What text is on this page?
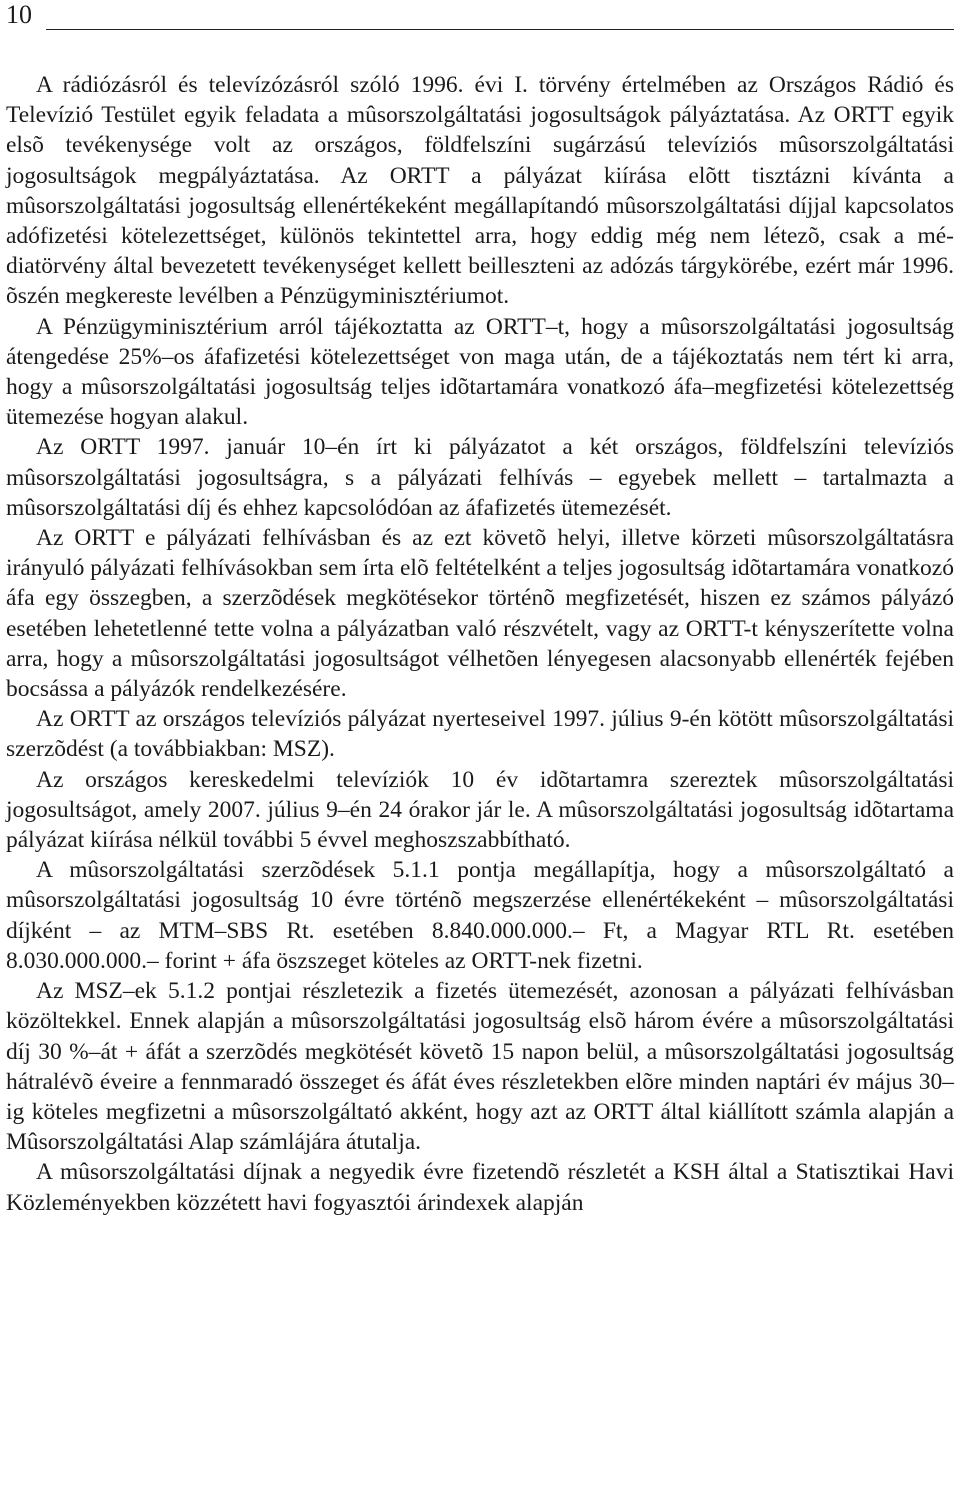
10

A rádiózásról és televízózásról szóló 1996. évi I. törvény értelmében az Országos Rádió és Televízió Testület egyik feladata a mûsorszolgáltatási jogosultságok pályáztatása. Az ORTT egyik elsõ tevékenysége volt az országos, földfelszíni sugárzású televíziós mûsorszolgáltatási jogosultságok megpályáztatása. Az ORTT a pályázat kiírása elõtt tisztázni kívánta a mûsorszolgáltatási jogosultság ellenértékeként megállapítandó mûsorszolgáltatási díjjal kapcsolatos adófizetési kötelezettséget, különös tekintettel arra, hogy eddig még nem létezõ, csak a médiatörvény által bevezetett tevékenységet kellett beilleszteni az adózás tárgykörébe, ezért már 1996. õszén megkereste levélben a Pénzügyminisztériumot.

A Pénzügyminisztérium arról tájékoztatta az ORTT–t, hogy a mûsorszolgáltatási jogosultság átengedése 25%–os áfafizetési kötelezettséget von maga után, de a tájékoztatás nem tért ki arra, hogy a mûsorszolgáltatási jogosultság teljes idõtartamára vonatkozó áfa–megfizetési kötelezettség ütemezése hogyan alakul.

Az ORTT 1997. január 10–én írt ki pályázatot a két országos, földfelszíni televíziós mûsorszolgáltatási jogosultságra, s a pályázati felhívás – egyebek mellett – tartalmazta a mûsorszolgáltatási díj és ehhez kapcsolódóan az áfafizetés ütemezését.

Az ORTT e pályázati felhívásban és az ezt követõ helyi, illetve körzeti mûsorszolgáltatásra irányuló pályázati felhívásokban sem írta elõ feltételként a teljes jogosultság idõtartamára vonatkozó áfa egy összegben, a szerzõdések megkötésekor történõ megfizetését, hiszen ez számos pályázó esetében lehetetlenné tette volna a pályázatban való részvételt, vagy az ORTT-t kényszerítette volna arra, hogy a mûsorszolgáltatási jogosultságot vélhetõen lényegesen alacsonyabb ellenérték fejében bocsássa a pályázók rendelkezésére.

Az ORTT az országos televíziós pályázat nyerteseivel 1997. július 9-én kötött mûsorszolgáltatási szerzõdést (a továbbiakban: MSZ).

Az országos kereskedelmi televíziók 10 év idõtartamra szereztek mûsorszolgáltatási jogosultságot, amely 2007. július 9–én 24 órakor jár le. A mûsorszolgáltatási jogosultság idõtartama pályázat kiírása nélkül további 5 évvel meghoszszabbítható.

A mûsorszolgáltatási szerzõdések 5.1.1 pontja megállapítja, hogy a mûsorszolgáltató a mûsorszolgáltatási jogosultság 10 évre történõ megszerzése ellenértékeként – mûsorszolgáltatási díjként – az MTM–SBS Rt. esetében 8.840.000.000.– Ft, a Magyar RTL Rt. esetében 8.030.000.000.– forint + áfa öszszeget köteles az ORTT-nek fizetni.

Az MSZ–ek 5.1.2 pontjai részletezik a fizetés ütemezését, azonosan a pályázati felhívásban közöltekkel. Ennek alapján a mûsorszolgáltatási jogosultság elsõ három évére a mûsorszolgáltatási díj 30 %–át + áfát a szerzõdés megkötését követõ 15 napon belül, a mûsorszolgáltatási jogosultság hátralévõ éveire a fennmaradó összeget és áfát éves részletekben elõre minden naptári év május 30–ig köteles megfizetni a mûsorszolgáltató akként, hogy azt az ORTT által kiállított számla alapján a Mûsorszolgáltatási Alap számlájára átutalja.

A mûsorszolgáltatási díjnak a negyedik évre fizetendõ részletét a KSH által a Statisztikai Havi Közleményekben közzétett havi fogyasztói árindexek alapján
